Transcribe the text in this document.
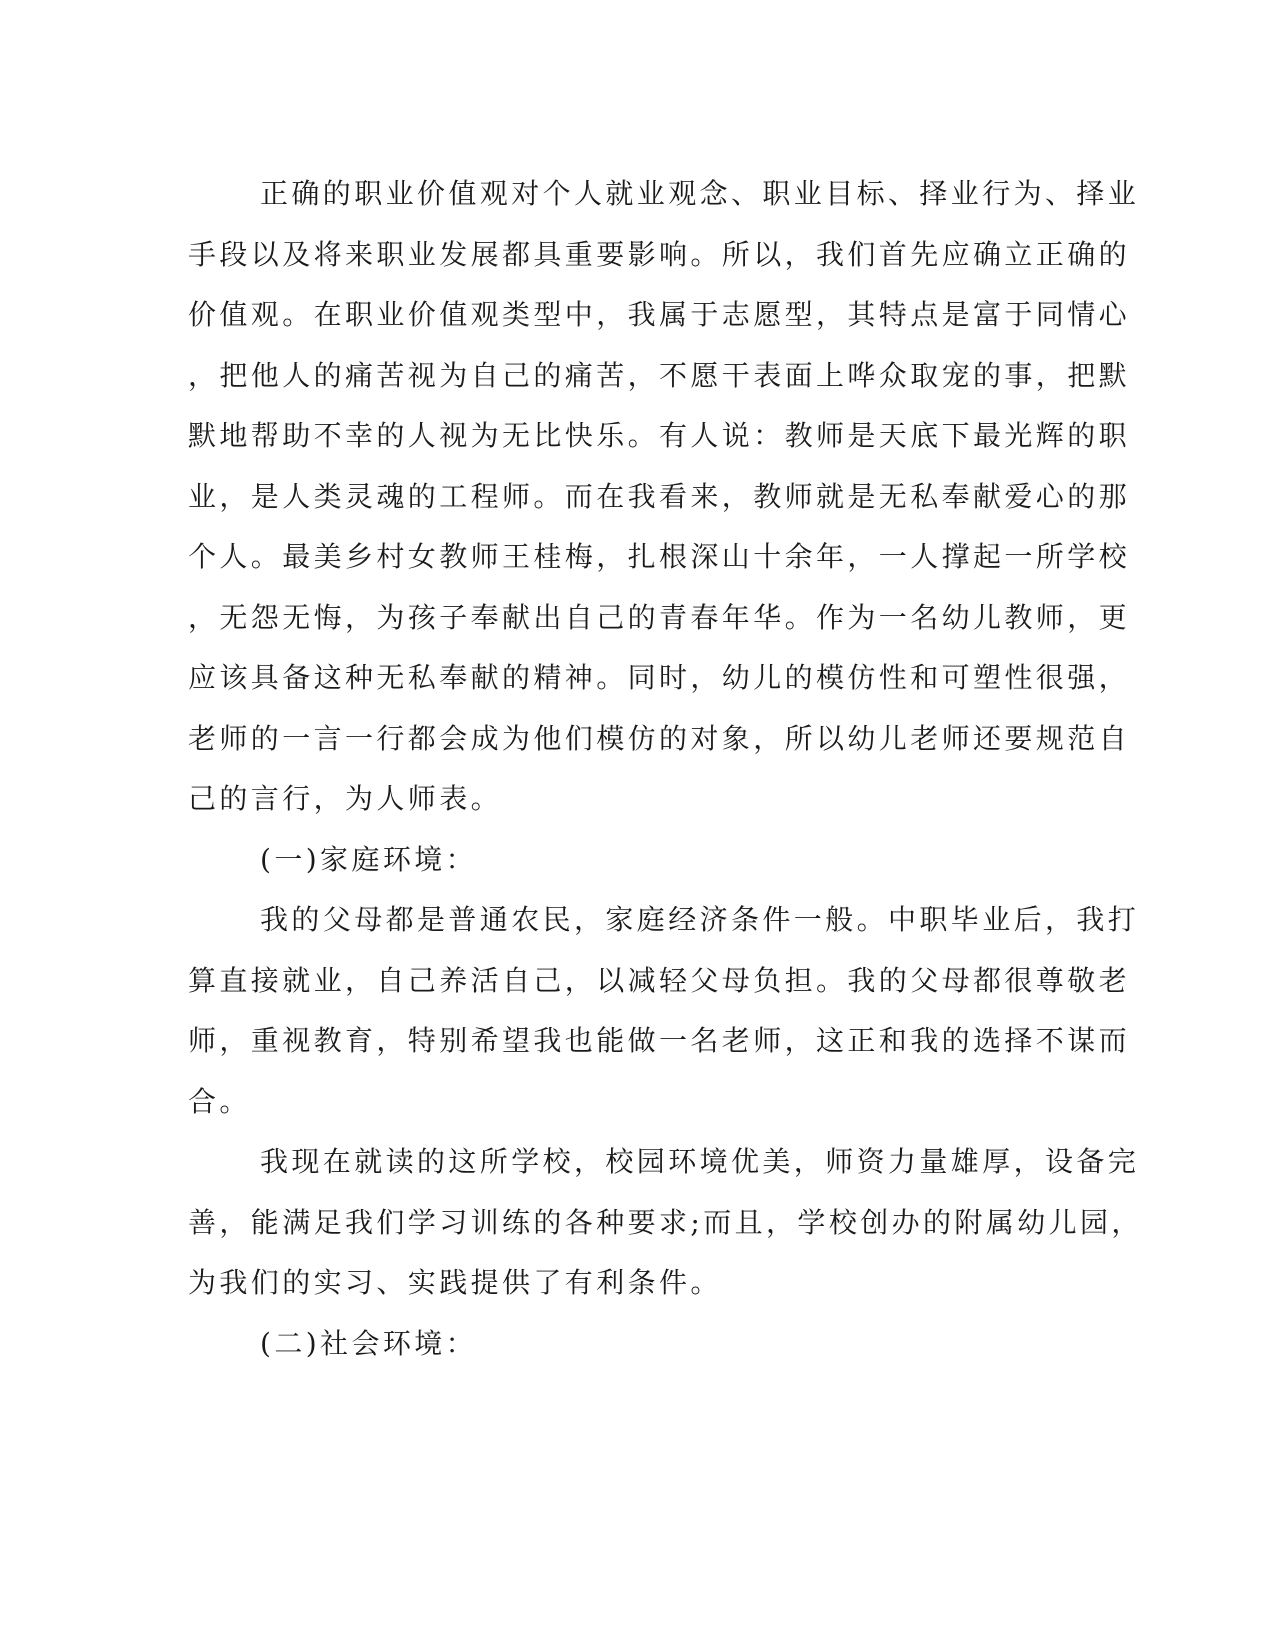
正确的职业价值观对个人就业观念、职业目标、择业行为、择业
手段以及将来职业发展都具重要影响。所以，我们首先应确立正确的
价值观。在职业价值观类型中，我属于志愿型，其特点是富于同情心
，把他人的痛苦视为自己的痛苦，不愿干表面上哗众取宠的事，把默
默地帮助不幸的人视为无比快乐。有人说：教师是天底下最光辉的职
业，是人类灵魂的工程师。而在我看来，教师就是无私奉献爱心的那
个人。最美乡村女教师王桂梅，扎根深山十余年，一人撑起一所学校
，无怨无悔，为孩子奉献出自己的青春年华。作为一名幼儿教师，更
应该具备这种无私奉献的精神。同时，幼儿的模仿性和可塑性很强，
老师的一言一行都会成为他们模仿的对象，所以幼儿老师还要规范自
己的言行，为人师表。
(一)家庭环境：
我的父母都是普通农民，家庭经济条件一般。中职毕业后，我打
算直接就业，自己养活自己，以减轻父母负担。我的父母都很尊敬老
师，重视教育，特别希望我也能做一名老师，这正和我的选择不谋而
合。
我现在就读的这所学校，校园环境优美，师资力量雄厚，设备完
善，能满足我们学习训练的各种要求;而且，学校创办的附属幼儿园，
为我们的实习、实践提供了有利条件。
(二)社会环境：
